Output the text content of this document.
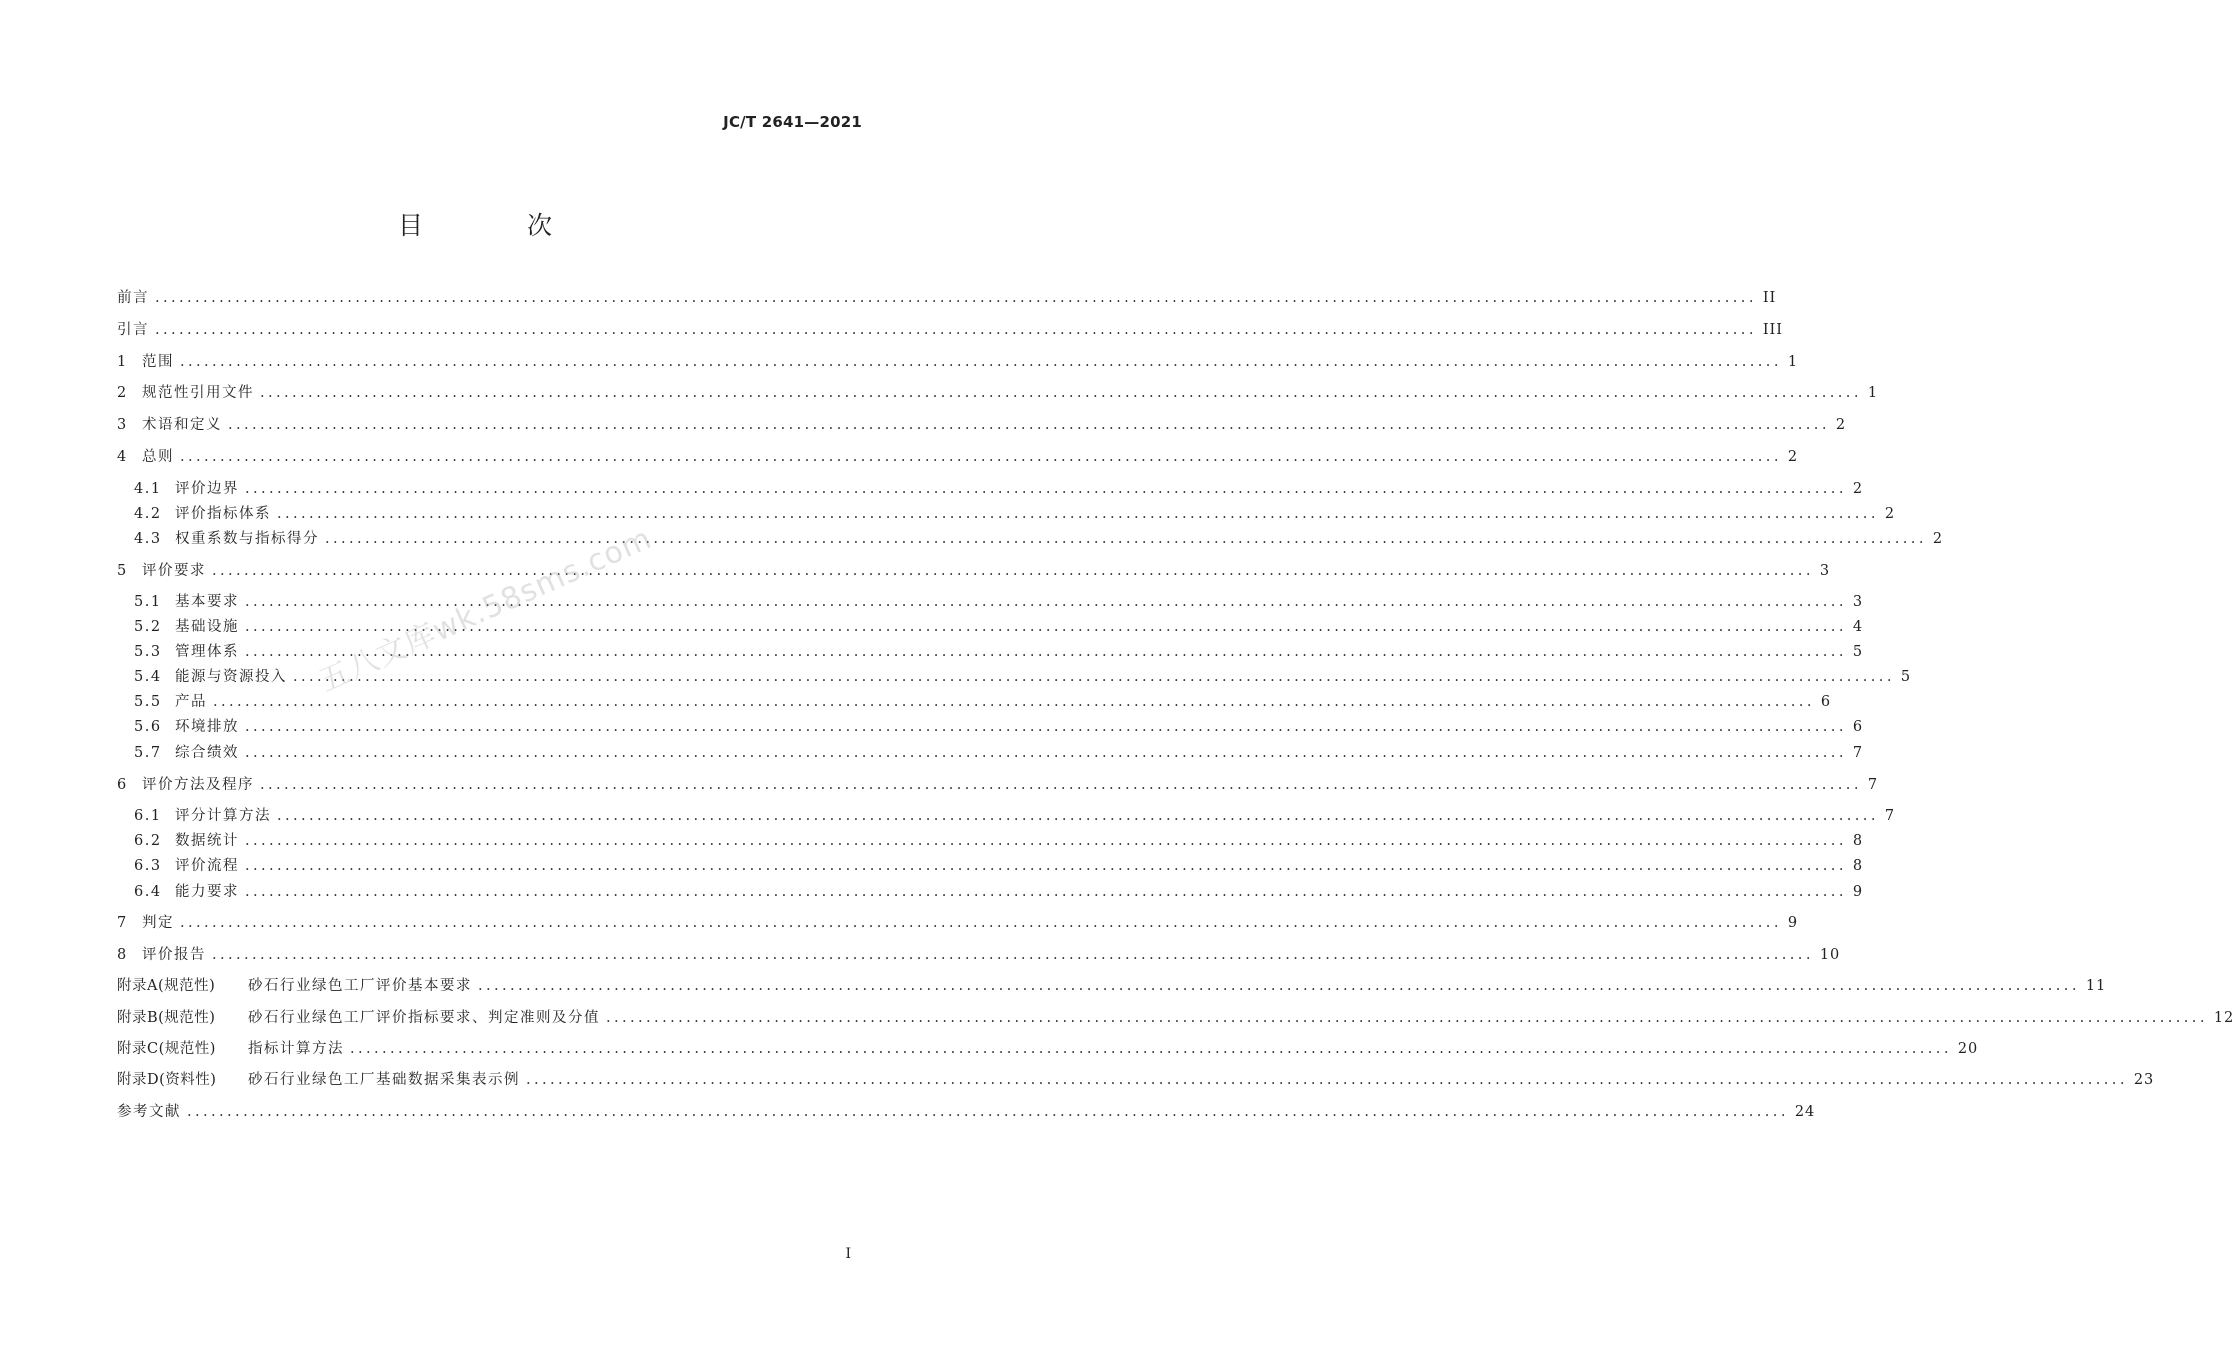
JC/T 2641—2021
目 次
前言 ........................................................................................................................................................................................................ II
引言 ........................................................................................................................................................................................................ III
1	范围 ........................................................................................................................................................................................................ 1
2	规范性引用文件 ........................................................................................................................................................................................................ 1
3	术语和定义 ........................................................................................................................................................................................................ 2
4	总则 ........................................................................................................................................................................................................ 2
4.1 评价边界 ........................................................................................................................................................................................................ 2
4.2 评价指标体系 ........................................................................................................................................................................................................ 2
4.3 权重系数与指标得分 ........................................................................................................................................................................................................ 2
5	评价要求 ........................................................................................................................................................................................................ 3
5.1 基本要求 ........................................................................................................................................................................................................ 3
5.2 基础设施 ........................................................................................................................................................................................................ 4
5.3 管理体系 ........................................................................................................................................................................................................ 5
5.4 能源与资源投入 ........................................................................................................................................................................................................ 5
5.5 产品 ........................................................................................................................................................................................................ 6
5.6 环境排放 ........................................................................................................................................................................................................ 6
5.7 综合绩效 ........................................................................................................................................................................................................ 7
6	评价方法及程序 ........................................................................................................................................................................................................ 7
6.1 评分计算方法 ........................................................................................................................................................................................................ 7
6.2 数据统计 ........................................................................................................................................................................................................ 8
6.3 评价流程 ........................................................................................................................................................................................................ 8
6.4 能力要求 ........................................................................................................................................................................................................ 9
7	判定 ........................................................................................................................................................................................................ 9
8	评价报告 ........................................................................................................................................................................................................ 10
附录A(规范性)	砂石行业绿色工厂评价基本要求 ........................................................................................................................................................................................................ 11
附录B(规范性)	砂石行业绿色工厂评价指标要求、判定准则及分值 ........................................................................................................................................................................................................ 12
附录C(规范性)	指标计算方法 ........................................................................................................................................................................................................ 20
附录D(资料性)	砂石行业绿色工厂基础数据采集表示例 ........................................................................................................................................................................................................ 23
参考文献 ........................................................................................................................................................................................................ 24
五八文库wk.58sms.com
I
